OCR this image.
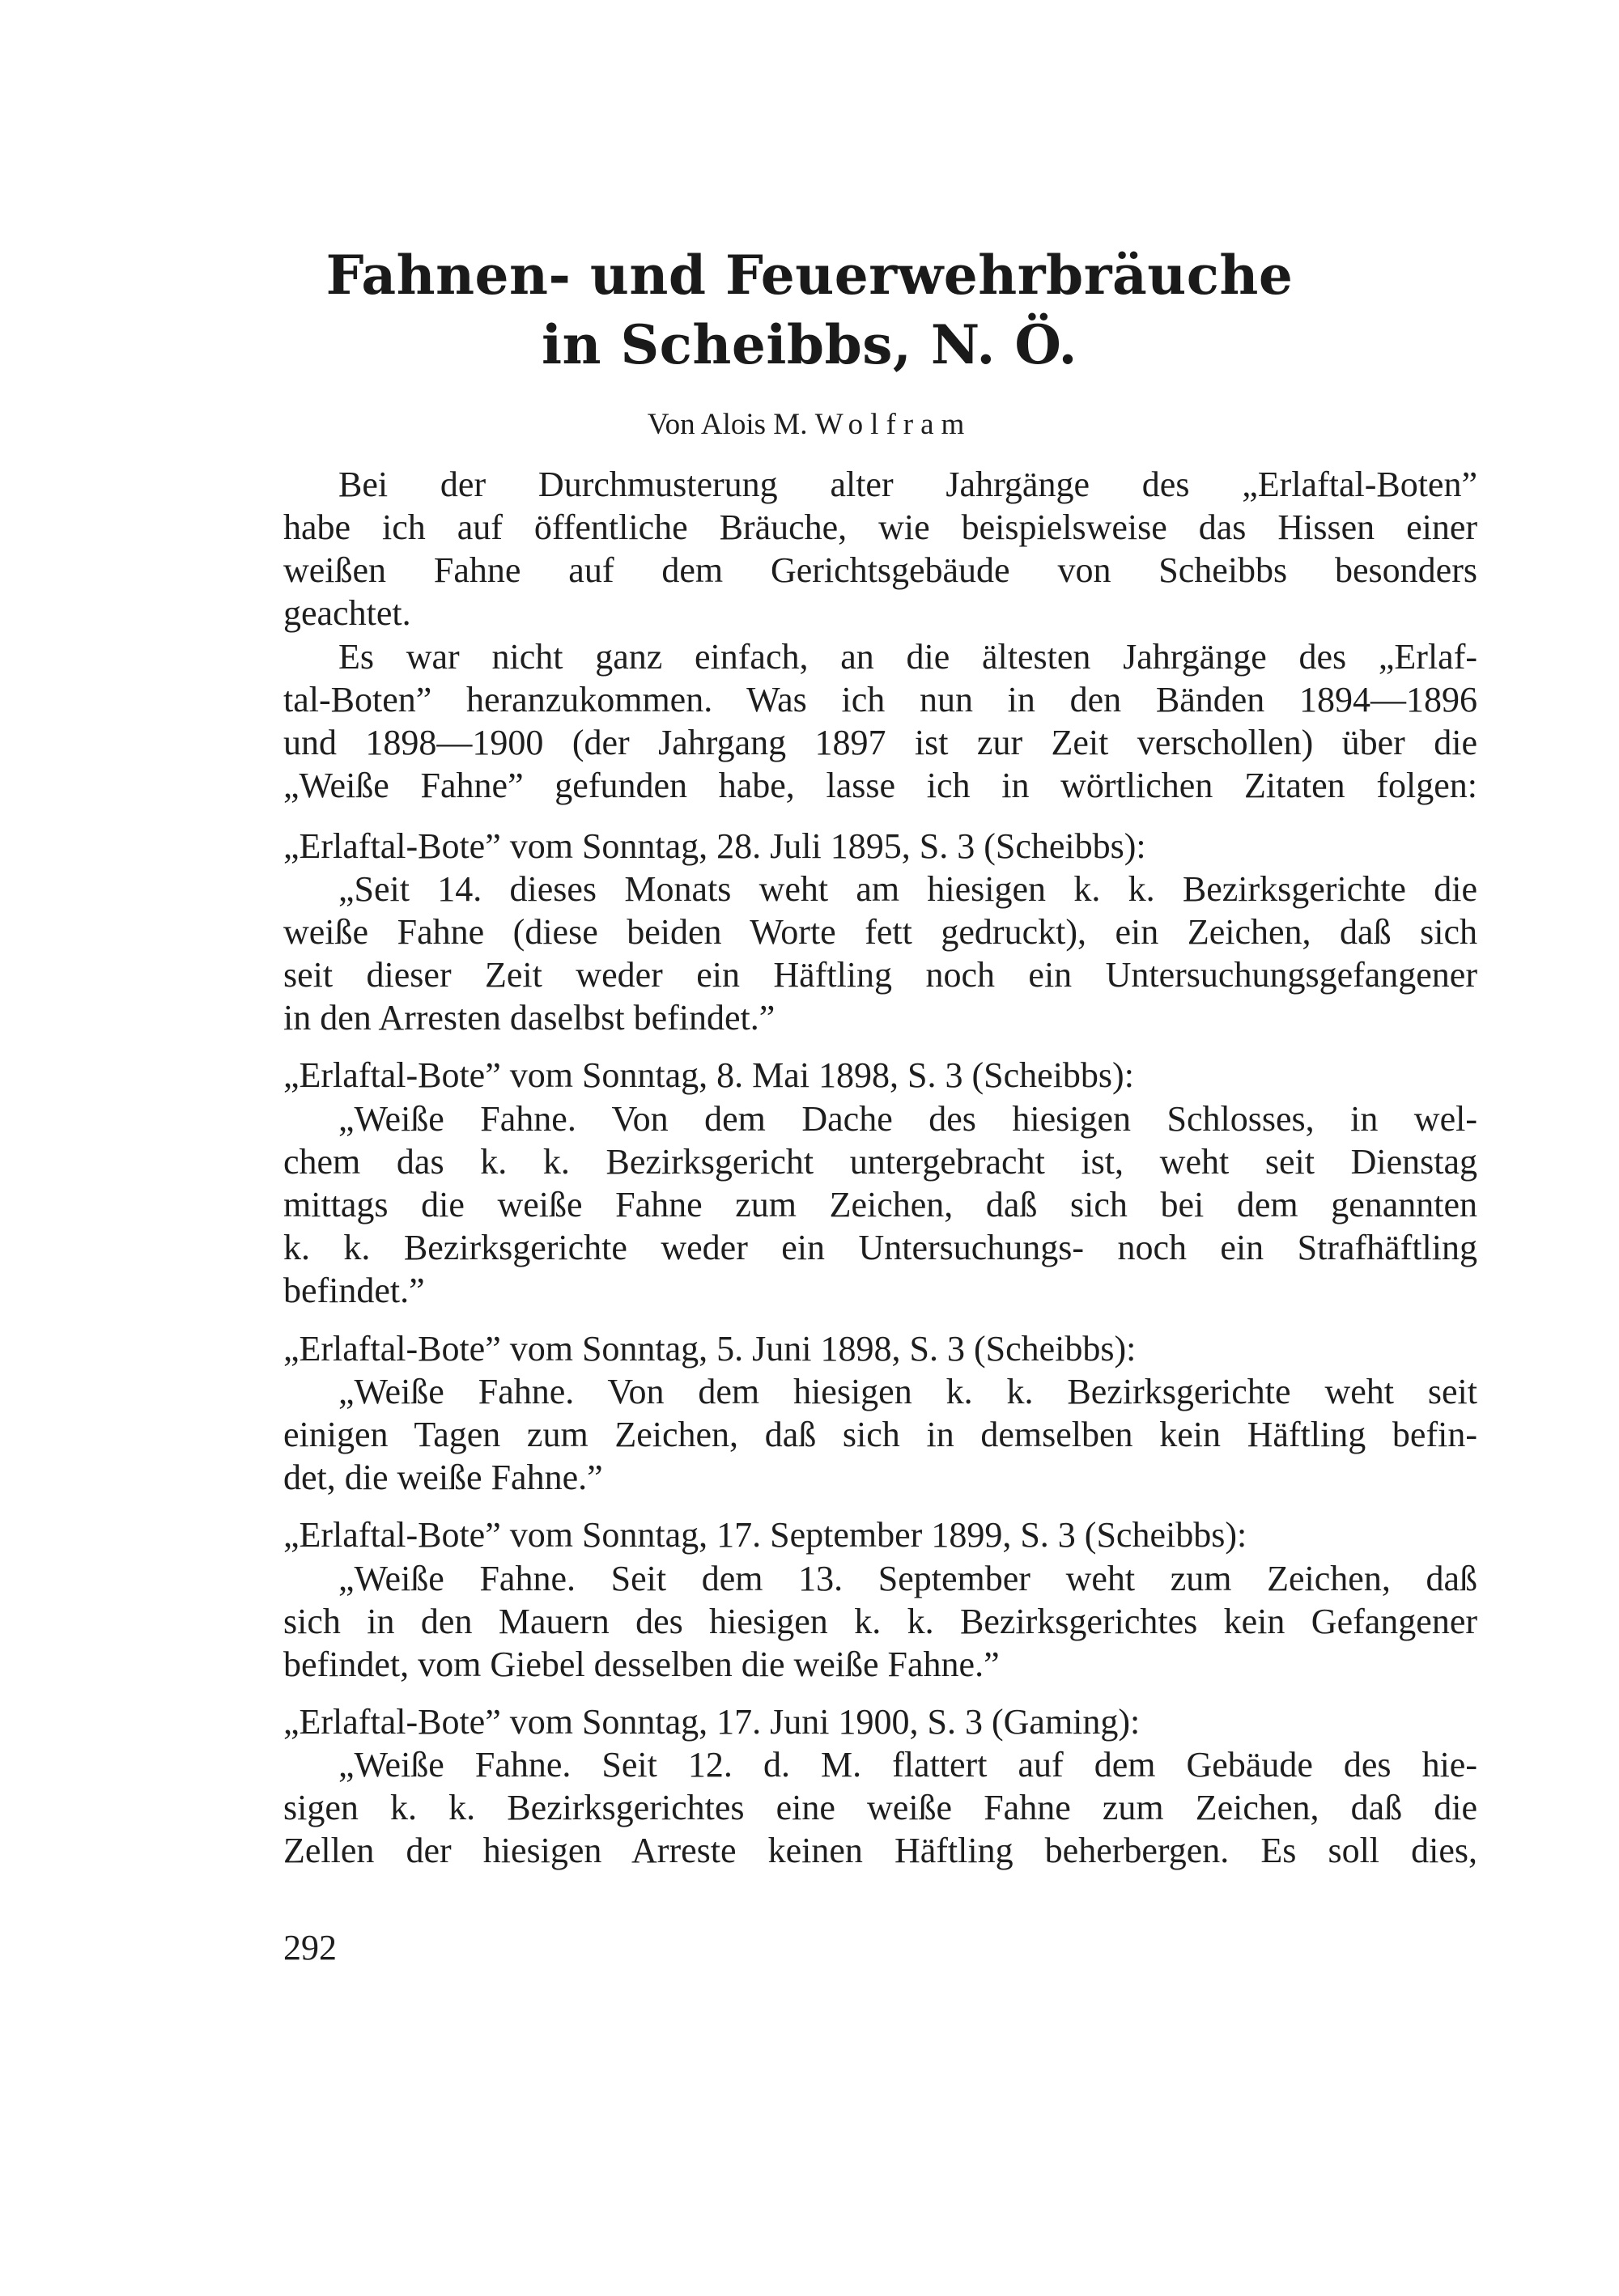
Fahnen- und Feuerwehrbräuche
in Scheibbs, N. Ö.
Von Alois M. Wolfram
Bei der Durchmusterung alter Jahrgänge des „Erlaftal-Boten”
habe ich auf öffentliche Bräuche, wie beispielsweise das Hissen einer
weißen Fahne auf dem Gerichtsgebäude von Scheibbs besonders
geachtet.
Es war nicht ganz einfach, an die ältesten Jahrgänge des „Erlaf-
tal-Boten” heranzukommen. Was ich nun in den Bänden 1894—1896
und 1898—1900 (der Jahrgang 1897 ist zur Zeit verschollen) über die
„Weiße Fahne” gefunden habe, lasse ich in wörtlichen Zitaten folgen:
„Erlaftal-Bote” vom Sonntag, 28. Juli 1895, S. 3 (Scheibbs):
„Seit 14. dieses Monats weht am hiesigen k. k. Bezirksgerichte die
weiße Fahne (diese beiden Worte fett gedruckt), ein Zeichen, daß sich
seit dieser Zeit weder ein Häftling noch ein Untersuchungsgefangener
in den Arresten daselbst befindet.”
„Erlaftal-Bote” vom Sonntag, 8. Mai 1898, S. 3 (Scheibbs):
„Weiße Fahne. Von dem Dache des hiesigen Schlosses, in wel-
chem das k. k. Bezirksgericht untergebracht ist, weht seit Dienstag
mittags die weiße Fahne zum Zeichen, daß sich bei dem genannten
k. k. Bezirksgerichte weder ein Untersuchungs- noch ein Strafhäftling
befindet.”
„Erlaftal-Bote” vom Sonntag, 5. Juni 1898, S. 3 (Scheibbs):
„Weiße Fahne. Von dem hiesigen k. k. Bezirksgerichte weht seit
einigen Tagen zum Zeichen, daß sich in demselben kein Häftling befin-
det, die weiße Fahne.”
„Erlaftal-Bote” vom Sonntag, 17. September 1899, S. 3 (Scheibbs):
„Weiße Fahne. Seit dem 13. September weht zum Zeichen, daß
sich in den Mauern des hiesigen k. k. Bezirksgerichtes kein Gefangener
befindet, vom Giebel desselben die weiße Fahne.”
„Erlaftal-Bote” vom Sonntag, 17. Juni 1900, S. 3 (Gaming):
„Weiße Fahne. Seit 12. d. M. flattert auf dem Gebäude des hie-
sigen k. k. Bezirksgerichtes eine weiße Fahne zum Zeichen, daß die
Zellen der hiesigen Arreste keinen Häftling beherbergen. Es soll dies,
292
